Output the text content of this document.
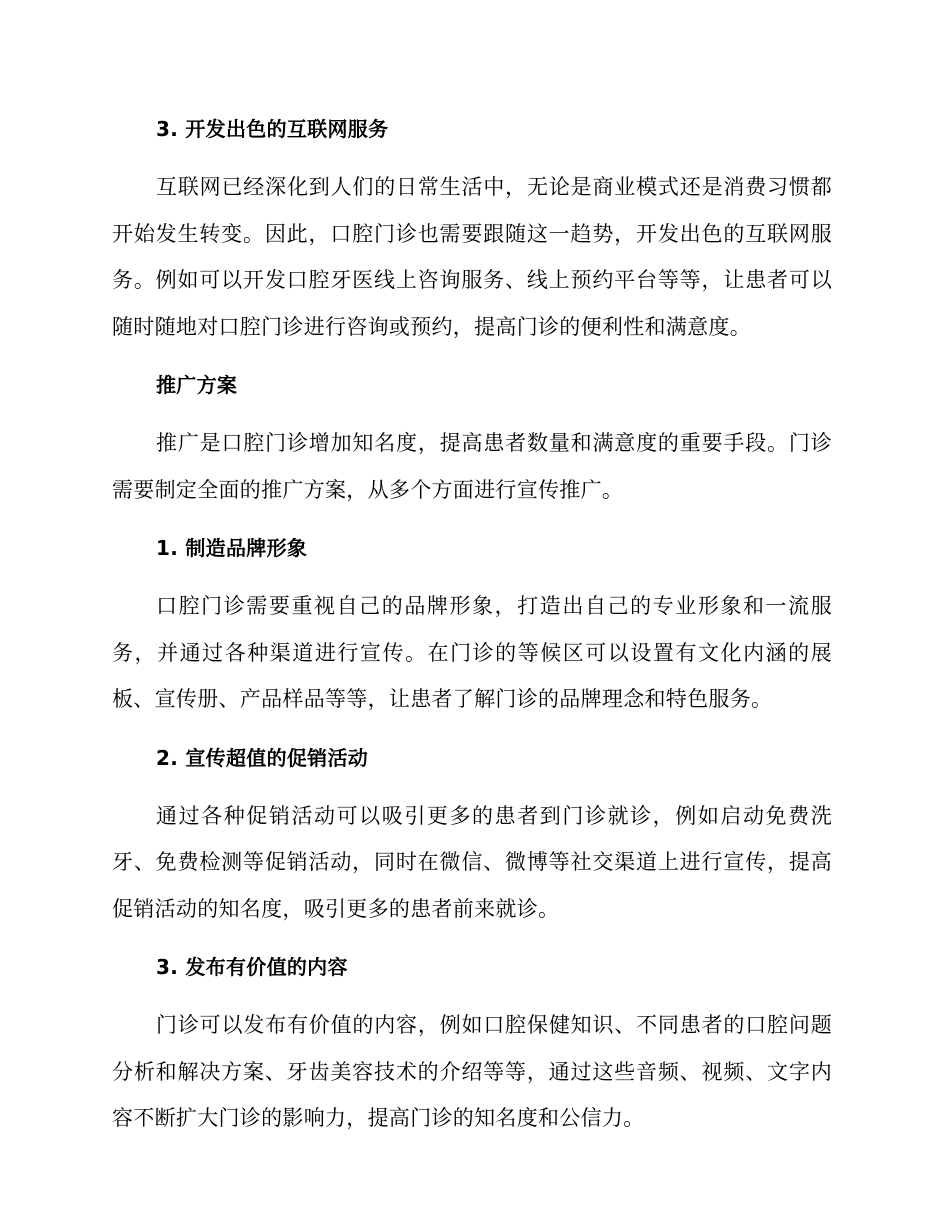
3. 开发出色的互联网服务

互联网已经深化到人们的日常生活中，无论是商业模式还是消费习惯都开始发生转变。因此，口腔门诊也需要跟随这一趋势，开发出色的互联网服务。例如可以开发口腔牙医线上咨询服务、线上预约平台等等，让患者可以随时随地对口腔门诊进行咨询或预约，提高门诊的便利性和满意度。

推广方案

推广是口腔门诊增加知名度，提高患者数量和满意度的重要手段。门诊需要制定全面的推广方案，从多个方面进行宣传推广。

1. 制造品牌形象

口腔门诊需要重视自己的品牌形象，打造出自己的专业形象和一流服务，并通过各种渠道进行宣传。在门诊的等候区可以设置有文化内涵的展板、宣传册、产品样品等等，让患者了解门诊的品牌理念和特色服务。

2. 宣传超值的促销活动

通过各种促销活动可以吸引更多的患者到门诊就诊，例如启动免费洗牙、免费检测等促销活动，同时在微信、微博等社交渠道上进行宣传，提高促销活动的知名度，吸引更多的患者前来就诊。

3. 发布有价值的内容

门诊可以发布有价值的内容，例如口腔保健知识、不同患者的口腔问题分析和解决方案、牙齿美容技术的介绍等等，通过这些音频、视频、文字内容不断扩大门诊的影响力，提高门诊的知名度和公信力。
